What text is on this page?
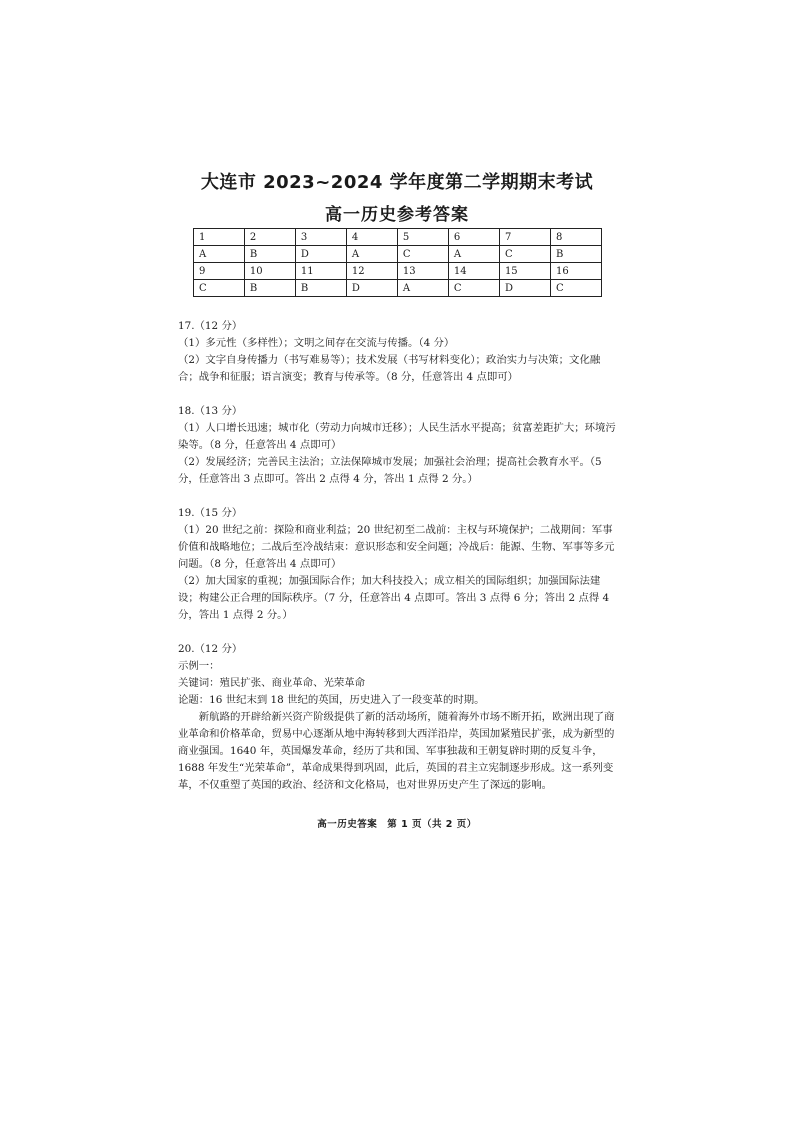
大连市 2023~2024 学年度第二学期期末考试
高一历史参考答案
1	2	3	4	5	6	7	8
A	B	D	A	C	A	C	B
9	10	11	12	13	14	15	16
C	B	B	D	A	C	D	C

17.（12 分）

（1）多元性（多样性）；文明之间存在交流与传播。（4 分）

（2）文字自身传播力（书写难易等）；技术发展（书写材料变化）；政治实力与决策；文化融合；战争和征服；语言演变；教育与传承等。（8 分，任意答出 4 点即可）

18.（13 分）

（1）人口增长迅速；城市化（劳动力向城市迁移）；人民生活水平提高；贫富差距扩大；环境污染等。（8 分，任意答出 4 点即可）

（2）发展经济；完善民主法治；立法保障城市发展；加强社会治理；提高社会教育水平。（5 分，任意答出 3 点即可。答出 2 点得 4 分，答出 1 点得 2 分。）

19.（15 分）

（1）20 世纪之前：探险和商业利益；20 世纪初至二战前：主权与环境保护；二战期间：军事价值和战略地位；二战后至冷战结束：意识形态和安全问题；冷战后：能源、生物、军事等多元问题。（8 分，任意答出 4 点即可）

（2）加大国家的重视；加强国际合作；加大科技投入；成立相关的国际组织；加强国际法建设；构建公正合理的国际秩序。（7 分，任意答出 4 点即可。答出 3 点得 6 分；答出 2 点得 4 分，答出 1 点得 2 分。）

20.（12 分）

示例一：

关键词：殖民扩张、商业革命、光荣革命

论题：16 世纪末到 18 世纪的英国，历史进入了一段变革的时期。

新航路的开辟给新兴资产阶级提供了新的活动场所，随着海外市场不断开拓，欧洲出现了商业革命和价格革命，贸易中心逐渐从地中海转移到大西洋沿岸，英国加紧殖民扩张，成为新型的商业强国。1640 年，英国爆发革命，经历了共和国、军事独裁和王朝复辟时期的反复斗争，1688 年发生“光荣革命”，革命成果得到巩固，此后，英国的君主立宪制逐步形成。这一系列变革，不仅重塑了英国的政治、经济和文化格局，也对世界历史产生了深远的影响。

高一历史答案　第 1 页（共 2 页）
